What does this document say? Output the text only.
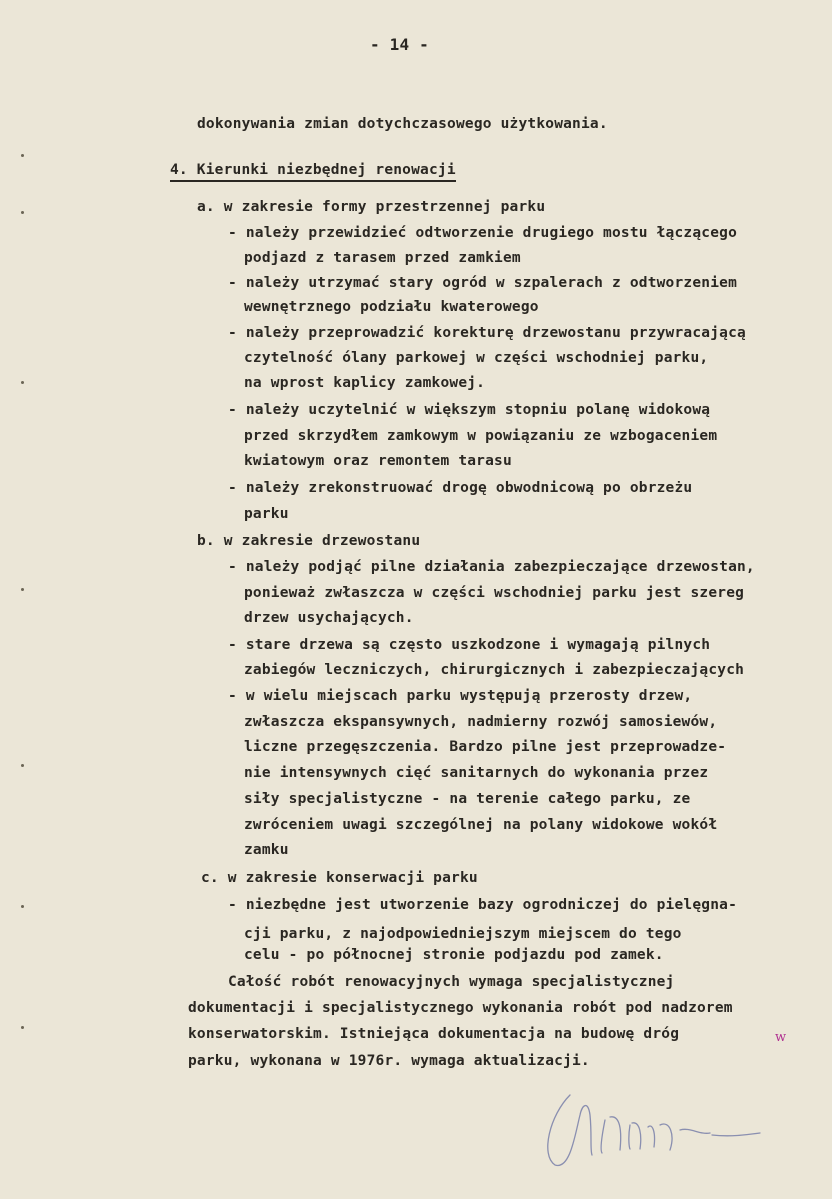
- 14 -
dokonywania zmian dotychczasowego użytkowania.
4. Kierunki niezbędnej renowacji
a. w zakresie formy przestrzennej parku
- należy przewidzieć odtworzenie drugiego mostu łączącego
podjazd z tarasem przed zamkiem
- należy utrzymać stary ogród w szpalerach z odtworzeniem
wewnętrznego podziału kwaterowego
- należy przeprowadzić korekturę drzewostanu przywracającą
czytelność ólany parkowej w części wschodniej parku,
na wprost kaplicy zamkowej.
- należy uczytelnić w większym stopniu polanę widokową
przed skrzydłem zamkowym w powiązaniu ze wzbogaceniem
kwiatowym oraz remontem tarasu
- należy zrekonstruować drogę obwodnicową po obrzeżu
parku
b. w zakresie drzewostanu
- należy podjąć pilne działania zabezpieczające drzewostan,
ponieważ zwłaszcza w części wschodniej parku jest szereg
drzew usychających.
- stare drzewa są często uszkodzone i wymagają pilnych
zabiegów leczniczych, chirurgicznych i zabezpieczających
- w wielu miejscach parku występują przerosty drzew,
zwłaszcza ekspansywnych, nadmierny rozwój samosiewów,
liczne przegęszczenia. Bardzo pilne jest przeprowadze-
nie intensywnych cięć sanitarnych do wykonania przez
siły specjalistyczne - na terenie całego parku, ze
zwróceniem uwagi szczególnej na polany widokowe wokół
zamku
c. w zakresie konserwacji parku
- niezbędne jest utworzenie bazy ogrodniczej do pielęgna-
cji parku, z najodpowiedniejszym miejscem do tego
celu - po północnej stronie podjazdu pod zamek.
Całość robót renowacyjnych wymaga specjalistycznej
dokumentacji i specjalistycznego wykonania robót pod nadzorem
konserwatorskim. Istniejąca dokumentacja na budowę dróg
parku, wykonana w 1976r. wymaga aktualizacji.
w
